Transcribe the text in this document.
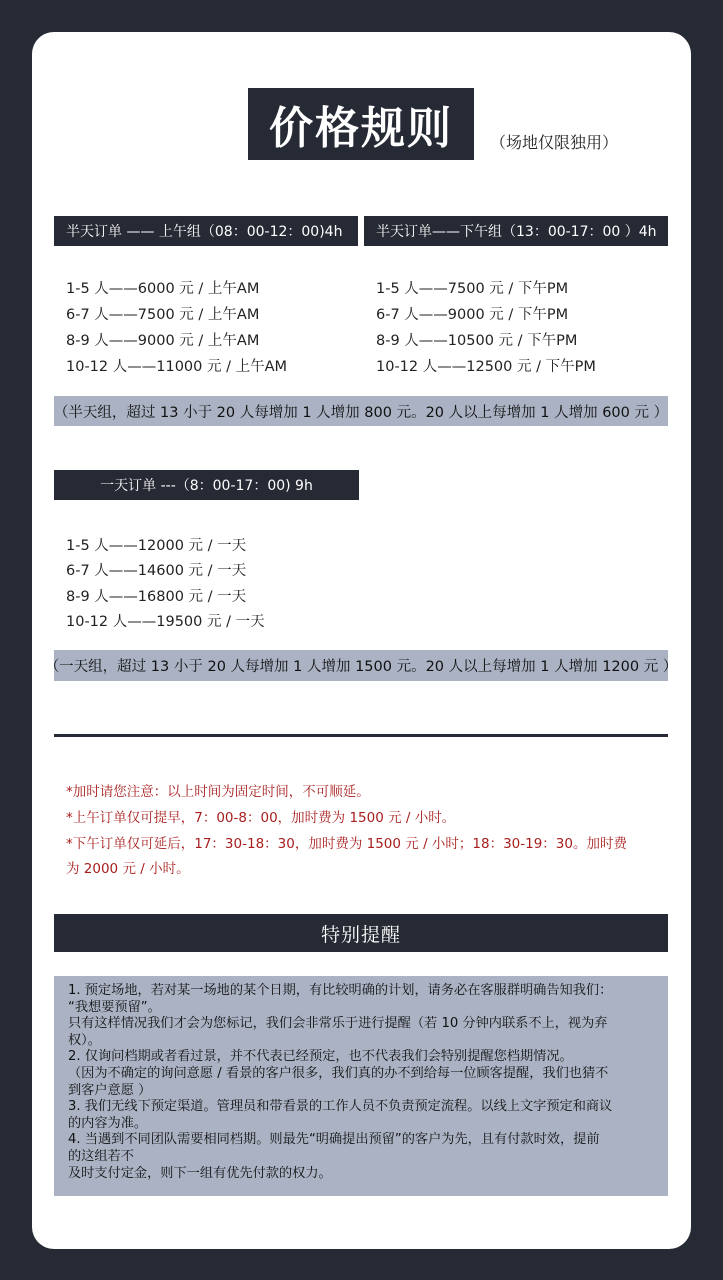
价格规则	（场地仅限独用）
半天订单 —— 上午组（08：00-12：00)4h	半天订单——下午组（13：00-17：00 ）4h
1-5 人——6000 元 / 上午AM
6-7 人——7500 元 / 上午AM
8-9 人——9000 元 / 上午AM
10-12 人——11000 元 / 上午AM
1-5 人——7500 元 / 下午PM
6-7 人——9000 元 / 下午PM
8-9 人——10500 元 / 下午PM
10-12 人——12500 元 / 下午PM
（半天组，超过 13 小于 20 人每增加 1 人增加 800 元。20 人以上每增加 1 人增加 600 元 ）
一天订单 ---（8：00-17：00) 9h
1-5 人——12000 元 / 一天
6-7 人——14600 元 / 一天
8-9 人——16800 元 / 一天
10-12 人——19500 元 / 一天
（一天组，超过 13 小于 20 人每增加 1 人增加 1500 元。20 人以上每增加 1 人增加 1200 元 ）
*加时请您注意：以上时间为固定时间，不可顺延。
*上午订单仅可提早，7：00-8：00，加时费为 1500 元 / 小时。
*下午订单仅可延后，17：30-18：30，加时费为 1500 元 / 小时；18：30-19：30。加时费
为 2000 元 / 小时。
特别提醒
1. 预定场地，若对某一场地的某个日期，有比较明确的计划，请务必在客服群明确告知我们：
“我想要预留”。
只有这样情况我们才会为您标记，我们会非常乐于进行提醒（若 10 分钟内联系不上，视为弃
权）。
2. 仅询问档期或者看过景，并不代表已经预定，也不代表我们会特别提醒您档期情况。
（因为不确定的询问意愿 / 看景的客户很多，我们真的办不到给每一位顾客提醒，我们也猜不
到客户意愿 ）
3. 我们无线下预定渠道。管理员和带看景的工作人员不负责预定流程。以线上文字预定和商议
的内容为准。
4. 当遇到不同团队需要相同档期。则最先“明确提出预留”的客户为先，且有付款时效，提前
的这组若不
及时支付定金，则下一组有优先付款的权力。
